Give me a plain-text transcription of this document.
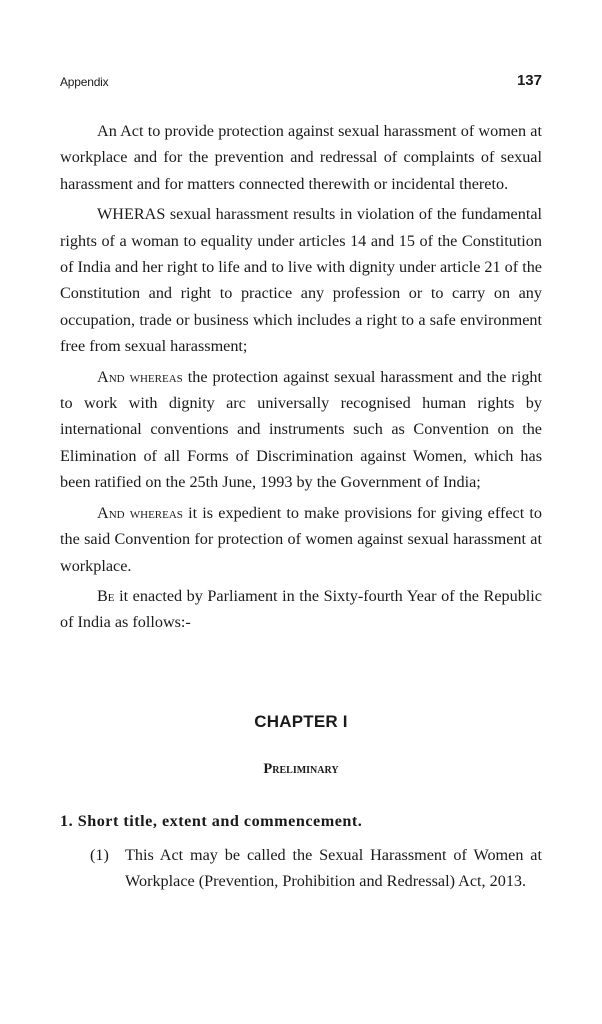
Appendix	137

An Act to provide protection against sexual harassment of women at workplace and for the prevention and redressal of complaints of sexual harassment and for matters connected therewith or incidental thereto.

WHERAS sexual harassment results in violation of the fundamental rights of a woman to equality under articles 14 and 15 of the Constitution of India and her right to life and to live with dignity under article 21 of the Constitution and right to practice any profession or to carry on any occupation, trade or business which includes a right to a safe environment free from sexual harassment;

And whereas the protection against sexual harassment and the right to work with dignity arc universally recognised human rights by international conventions and instruments such as Convention on the Elimination of all Forms of Discrimination against Women, which has been ratified on the 25th June, 1993 by the Government of India;

And whereas it is expedient to make provisions for giving effect to the said Convention for protection of women against sexual harassment at workplace.

Be it enacted by Parliament in the Sixty-fourth Year of the Republic of India as follows:-

CHAPTER I
Preliminary
1. Short title, extent and commencement.
(1) This Act may be called the Sexual Harassment of Women at Workplace (Prevention, Prohibition and Redressal) Act, 2013.
